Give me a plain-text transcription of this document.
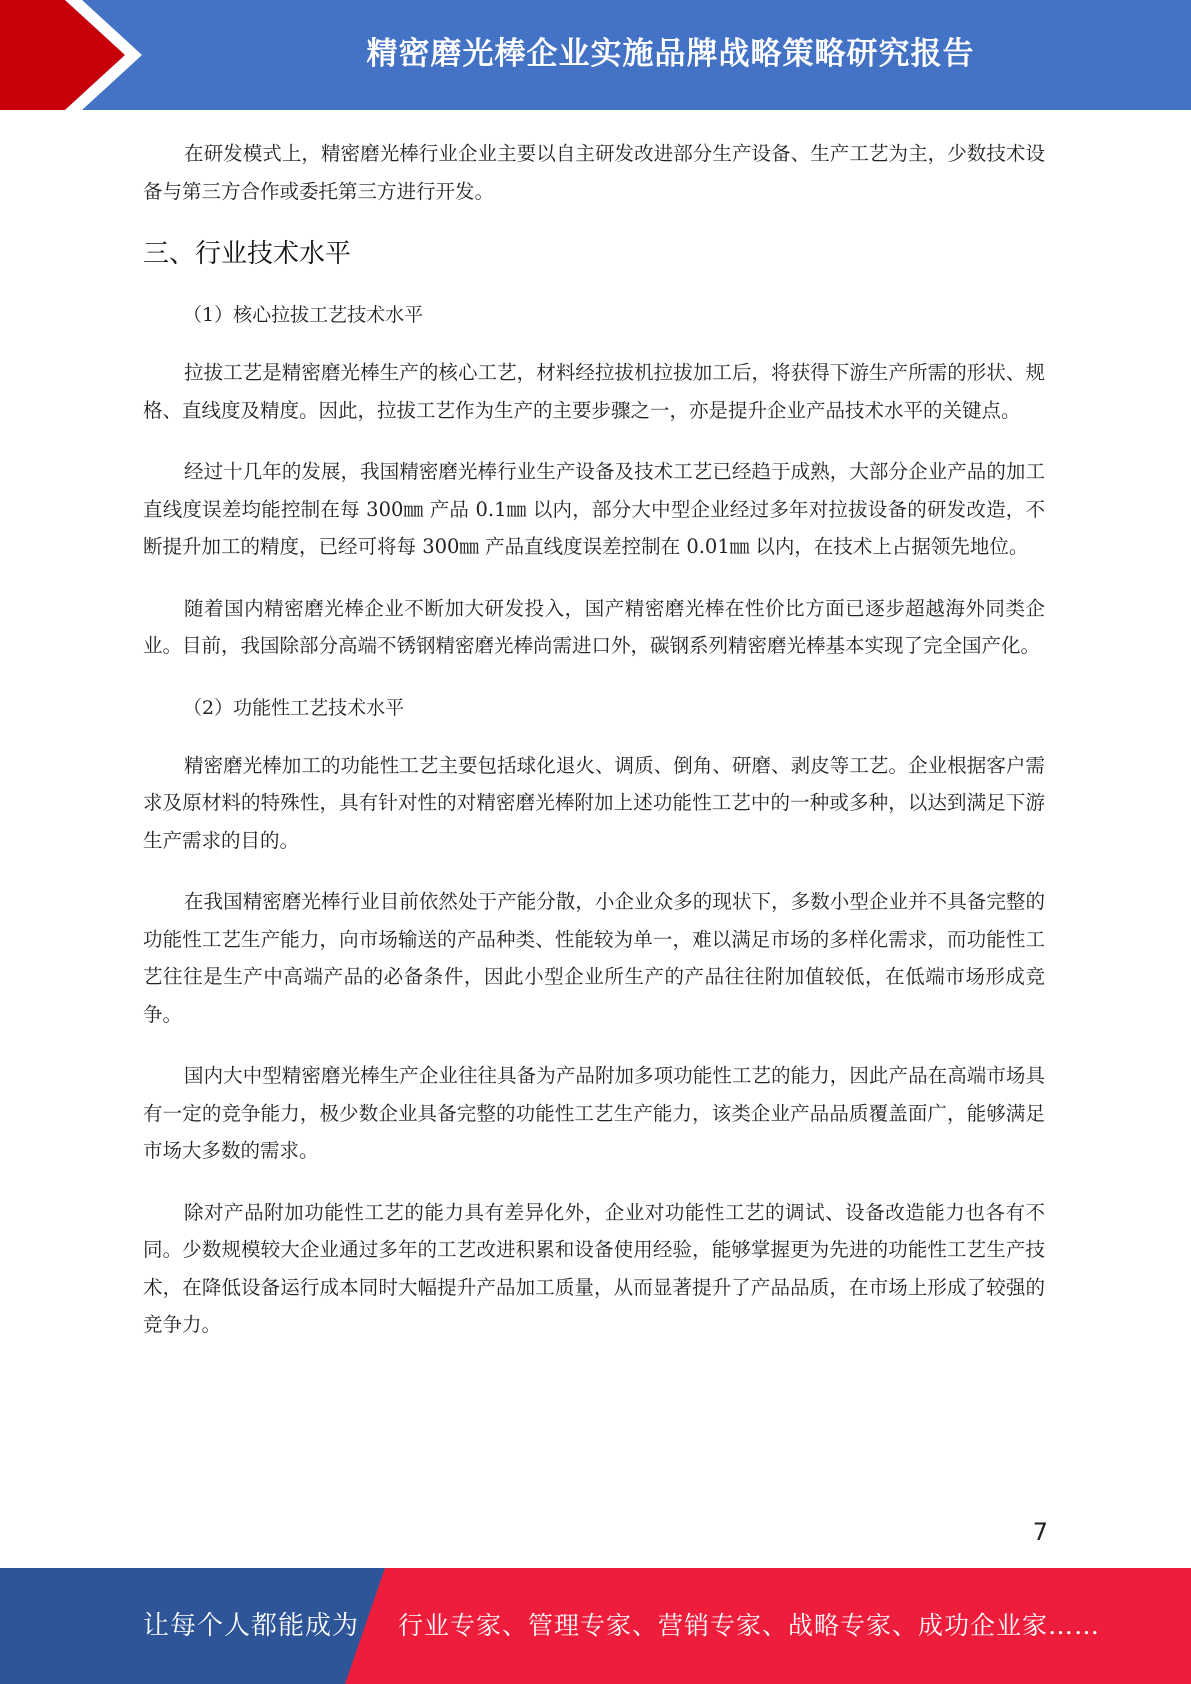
精密磨光棒企业实施品牌战略策略研究报告

在研发模式上，精密磨光棒行业企业主要以自主研发改进部分生产设备、生产工艺为主，少数技术设备与第三方合作或委托第三方进行开发。

三、行业技术水平
（1）核心拉拔工艺技术水平

拉拔工艺是精密磨光棒生产的核心工艺，材料经拉拔机拉拔加工后，将获得下游生产所需的形状、规格、直线度及精度。因此，拉拔工艺作为生产的主要步骤之一，亦是提升企业产品技术水平的关键点。

经过十几年的发展，我国精密磨光棒行业生产设备及技术工艺已经趋于成熟，大部分企业产品的加工直线度误差均能控制在每 300㎜ 产品 0.1㎜ 以内，部分大中型企业经过多年对拉拔设备的研发改造，不断提升加工的精度，已经可将每 300㎜ 产品直线度误差控制在 0.01㎜ 以内，在技术上占据领先地位。

随着国内精密磨光棒企业不断加大研发投入，国产精密磨光棒在性价比方面已逐步超越海外同类企业。目前，我国除部分高端不锈钢精密磨光棒尚需进口外，碳钢系列精密磨光棒基本实现了完全国产化。

（2）功能性工艺技术水平

精密磨光棒加工的功能性工艺主要包括球化退火、调质、倒角、研磨、剥皮等工艺。企业根据客户需求及原材料的特殊性，具有针对性的对精密磨光棒附加上述功能性工艺中的一种或多种，以达到满足下游生产需求的目的。

在我国精密磨光棒行业目前依然处于产能分散，小企业众多的现状下，多数小型企业并不具备完整的功能性工艺生产能力，向市场输送的产品种类、性能较为单一，难以满足市场的多样化需求，而功能性工艺往往是生产中高端产品的必备条件，因此小型企业所生产的产品往往附加值较低，在低端市场形成竞争。

国内大中型精密磨光棒生产企业往往具备为产品附加多项功能性工艺的能力，因此产品在高端市场具有一定的竞争能力，极少数企业具备完整的功能性工艺生产能力，该类企业产品品质覆盖面广，能够满足市场大多数的需求。

除对产品附加功能性工艺的能力具有差异化外，企业对功能性工艺的调试、设备改造能力也各有不同。少数规模较大企业通过多年的工艺改进积累和设备使用经验，能够掌握更为先进的功能性工艺生产技术，在降低设备运行成本同时大幅提升产品加工质量，从而显著提升了产品品质，在市场上形成了较强的竞争力。

7
让每个人都能成为 行业专家、管理专家、营销专家、战略专家、成功企业家……
